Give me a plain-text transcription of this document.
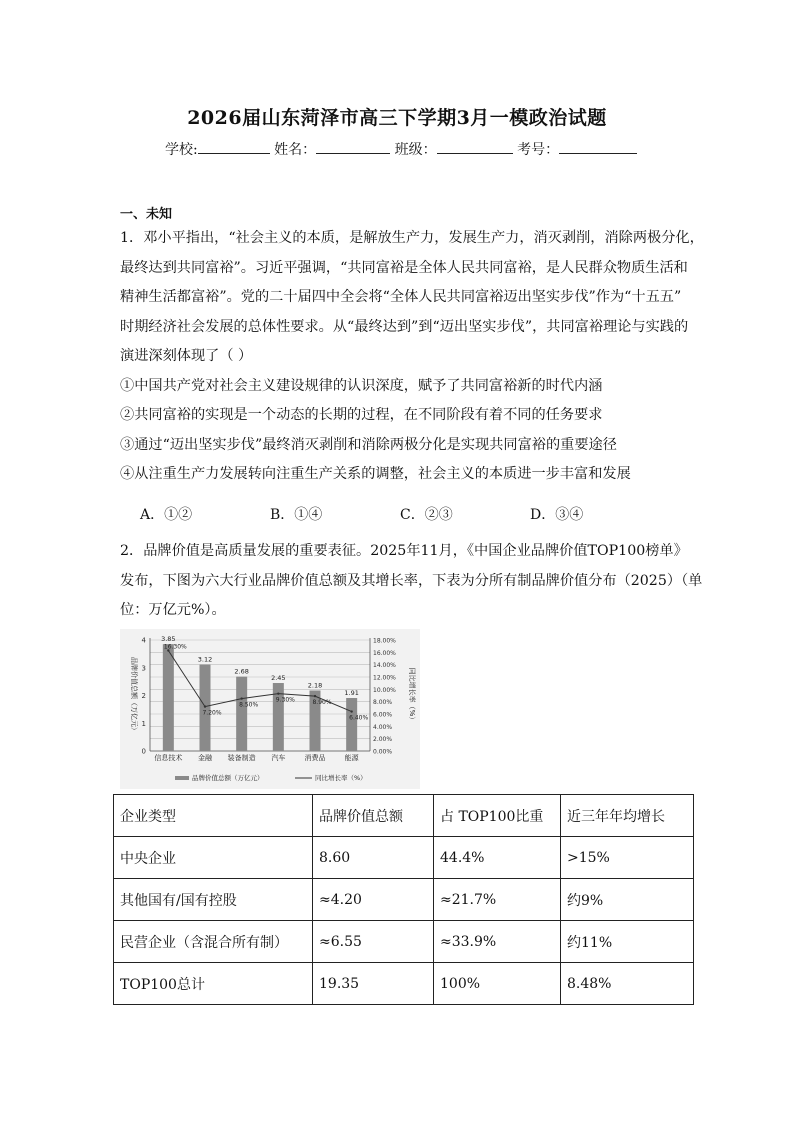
2026届山东菏泽市高三下学期3月一模政治试题
学校:	姓名：	班级：	考号：
一、未知

1．邓小平指出，“社会主义的本质，是解放生产力，发展生产力，消灭剥削，消除两极分化，

最终达到共同富裕”。习近平强调，“共同富裕是全体人民共同富裕，是人民群众物质生活和

精神生活都富裕”。党的二十届四中全会将“全体人民共同富裕迈出坚实步伐”作为“十五五”

时期经济社会发展的总体性要求。从“最终达到”到“迈出坚实步伐”，共同富裕理论与实践的

演进深刻体现了（ ）

①中国共产党对社会主义建设规律的认识深度，赋予了共同富裕新的时代内涵

②共同富裕的实现是一个动态的长期的过程，在不同阶段有着不同的任务要求

③通过“迈出坚实步伐”最终消灭剥削和消除两极分化是实现共同富裕的重要途径

④从注重生产力发展转向注重生产关系的调整，社会主义的本质进一步丰富和发展

A．①②	B．①④	C．②③	D．③④

2．品牌价值是高质量发展的重要表征。2025年11月，《中国企业品牌价值TOP100榜单》

发布，下图为六大行业品牌价值总额及其增长率，下表为分所有制品牌价值分布（2025）（单

位：万亿元%）。

0.00%
2.00%
4.00%
6.00%
8.00%
10.00%
12.00%
14.00%
16.00%
18.00%
0
1
2
3
4
品牌价值总额（万亿元）	同比增长率（%）
3.85
信息技术
3.12
金融
2.68
装备制造
2.45
汽车
2.18
消费品
1.91
能源
16.30%
7.20%
8.50%
9.30%	8.90%
6.40%
品牌价值总额（万亿元）	同比增长率（%）
企业类型	品牌价值总额	占 TOP100比重	近三年年均增长
中央企业	8.60	44.4%	>15%
其他国有/国有控股	≈4.20	≈21.7%	约9%
民营企业（含混合所有制）	≈6.55	≈33.9%	约11%
TOP100总计	19.35	100%	8.48%
